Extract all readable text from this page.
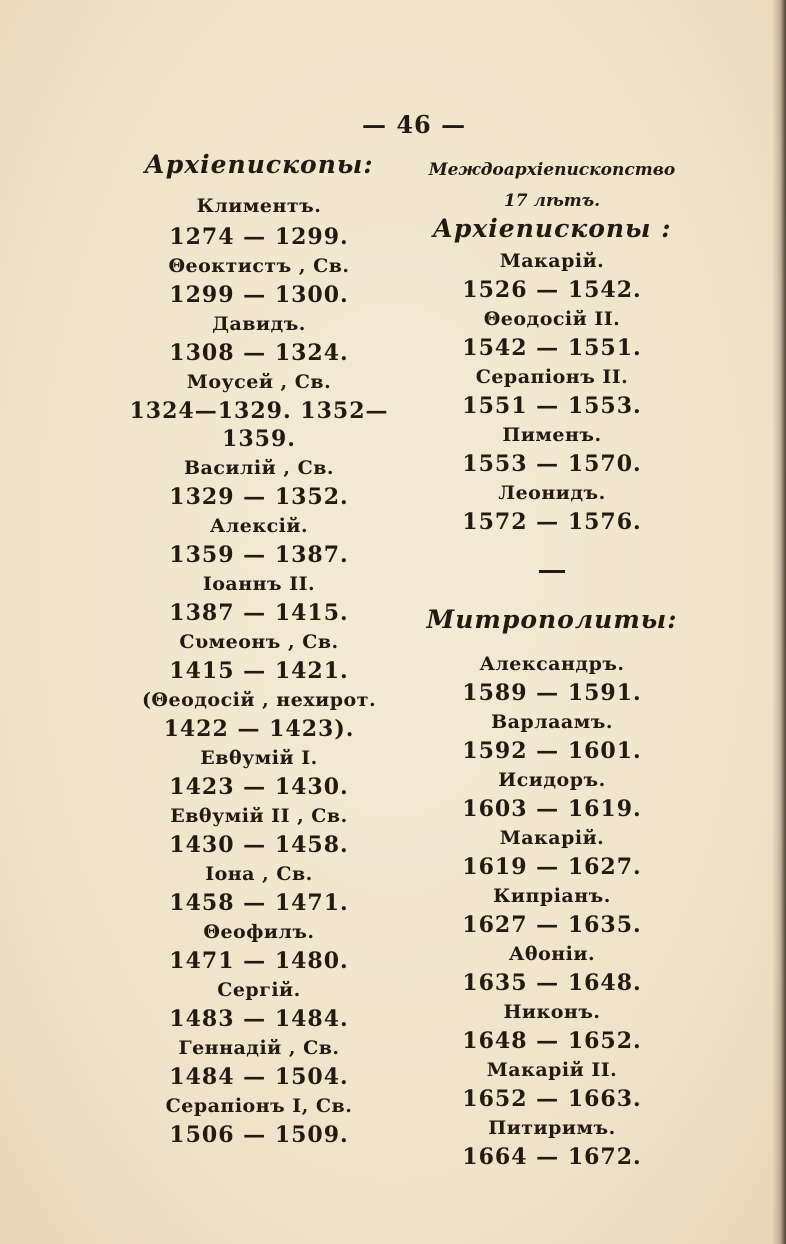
— 46 —
Архіепископы:
Климентъ.
1274 — 1299.
Θеоктистъ , Св.
1299 — 1300.
Давидъ.
1308 — 1324.
Моусей , Св.
1324—1329. 1352—
1359.
Василій , Св.
1329 — 1352.
Алексій.
1359 — 1387.
Іоаннъ II.
1387 — 1415.
Сυмеонъ , Св.
1415 — 1421.
(Θеодосій , нехирот.
1422 — 1423).
Евθумій I.
1423 — 1430.
Евθумій II , Св.
1430 — 1458.
Іона , Св.
1458 — 1471.
Θеофилъ.
1471 — 1480.
Сергій.
1483 — 1484.
Геннадій , Св.
1484 — 1504.
Серапіонъ I, Св.
1506 — 1509.
Междоархіепископство
17 лѣтъ.
Архіепископы :
Макарій.
1526 — 1542.
Θеодосій II.
1542 — 1551.
Серапіонъ II.
1551 — 1553.
Пименъ.
1553 — 1570.
Леонидъ.
1572 — 1576.
Митрополиты:
Александръ.
1589 — 1591.
Варлаамъ.
1592 — 1601.
Исидоръ.
1603 — 1619.
Макарій.
1619 — 1627.
Кипріанъ.
1627 — 1635.
Аθоніи.
1635 — 1648.
Никонъ.
1648 — 1652.
Макарій II.
1652 — 1663.
Питиримъ.
1664 — 1672.
